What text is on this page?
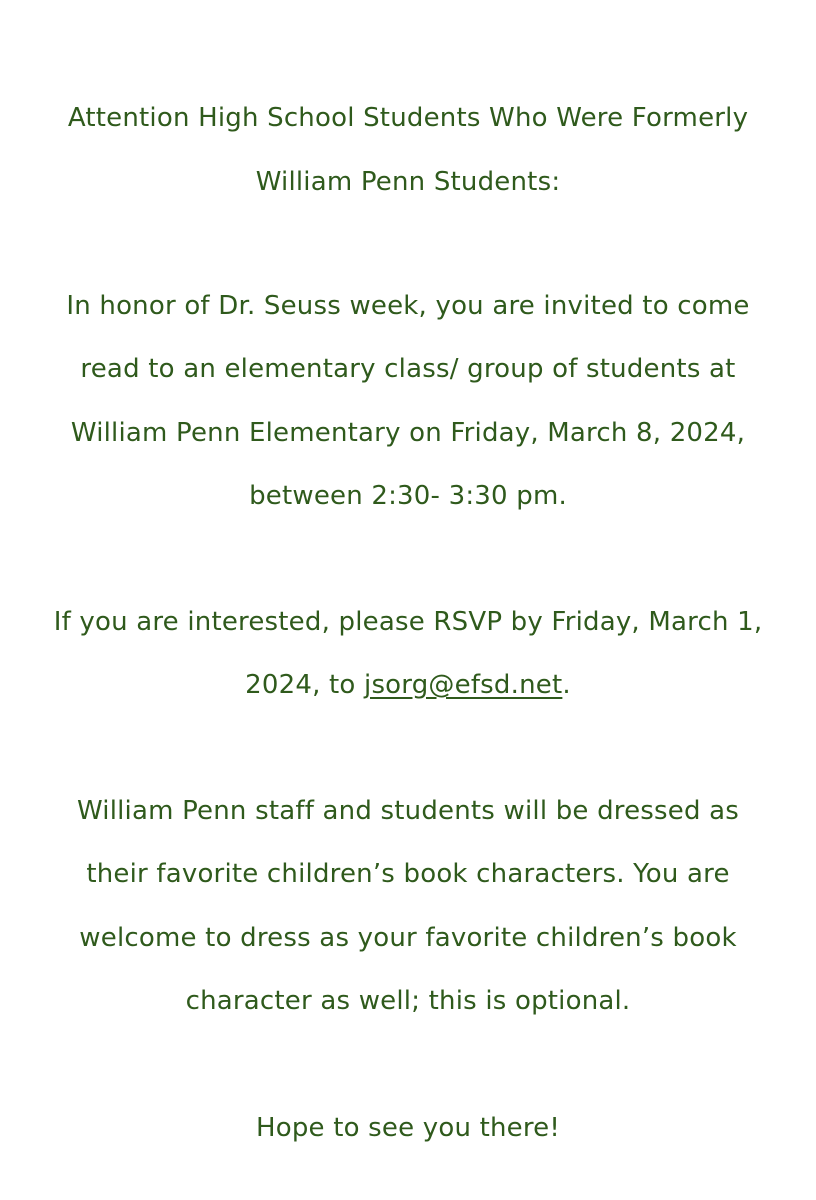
Attention High School Students Who Were Formerly
William Penn Students:
In honor of Dr. Seuss week, you are invited to come
read to an elementary class/ group of students at
William Penn Elementary on Friday, March 8, 2024,
between 2:30- 3:30 pm.
If you are interested, please RSVP by Friday, March 1,
2024, to jsorg@efsd.net.
William Penn staff and students will be dressed as
their favorite children’s book characters. You are
welcome to dress as your favorite children’s book
character as well; this is optional.
Hope to see you there!
